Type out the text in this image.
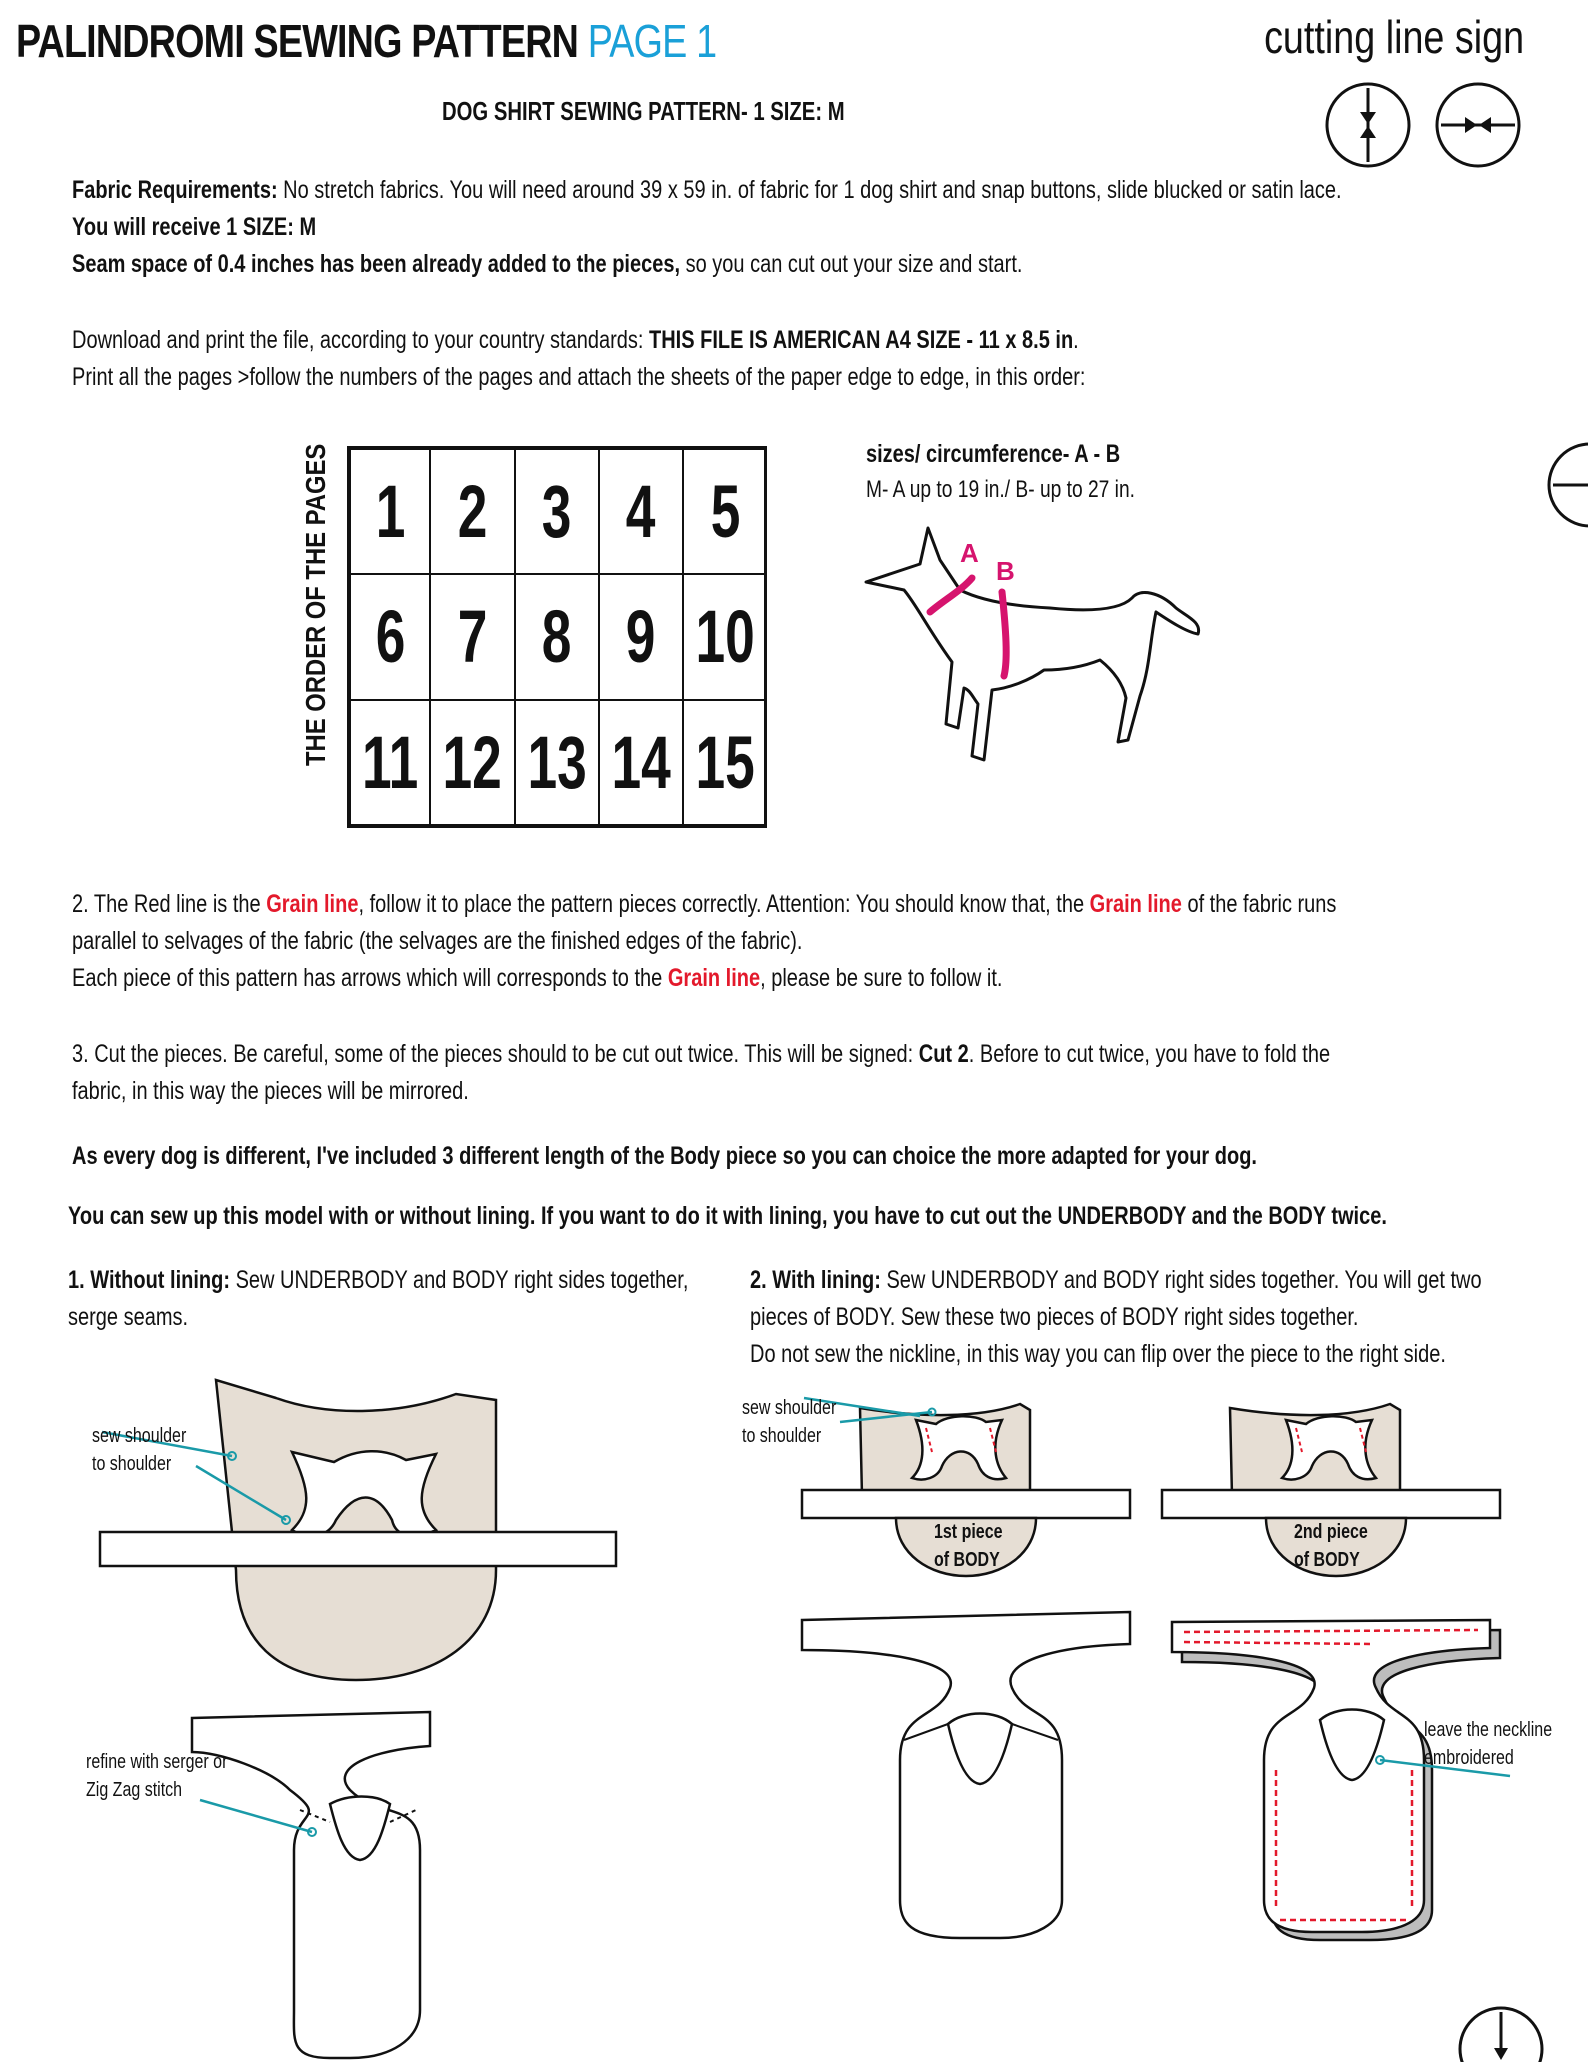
PALINDROMI SEWING PATTERN PAGE 1	cutting line sign
DOG SHIRT SEWING PATTERN- 1 SIZE: M
Fabric Requirements: No stretch fabrics. You will need around 39 x 59 in. of fabric for 1 dog shirt and snap buttons, slide blucked or satin lace.
You will receive 1 SIZE: M
Seam space of 0.4 inches has been already added to the pieces, so you can cut out your size and start.
Download and print the file, according to your country standards: THIS FILE IS AMERICAN A4 SIZE - 11 x 8.5 in.
Print all the pages >follow the numbers of the pages and attach the sheets of the paper edge to edge, in this order:
THE ORDER OF THE PAGES 1 2 3 4 5
6 7 8 9 10
11 12 13 14 15
sizes/ circumference- A - B
M- A up to 19 in./ B- up to 27 in.
A
B
2. The Red line is the Grain line, follow it to place the pattern pieces correctly. Attention: You should know that, the Grain line of the fabric runs
parallel to selvages of the fabric (the selvages are the finished edges of the fabric).
Each piece of this pattern has arrows which will corresponds to the Grain line, please be sure to follow it.
3. Cut the pieces. Be careful, some of the pieces should to be cut out twice. This will be signed: Cut 2. Before to cut twice, you have to fold the
fabric, in this way the pieces will be mirrored.
As every dog is different, I've included 3 different length of the Body piece so you can choice the more adapted for your dog.
You can sew up this model with or without lining. If you want to do it with lining, you have to cut out the UNDERBODY and the BODY twice.
1. Without lining: Sew UNDERBODY and BODY right sides together,
serge seams.
2. With lining: Sew UNDERBODY and BODY right sides together. You will get two
pieces of BODY. Sew these two pieces of BODY right sides together.
Do not sew the nickline, in this way you can flip over the piece to the right side.
sew shoulder
to shoulder
refine with serger or
Zig Zag stitch
sew shoulder
to shoulder
1st piece
of BODY
2nd piece
of BODY
leave the neckline
embroidered
